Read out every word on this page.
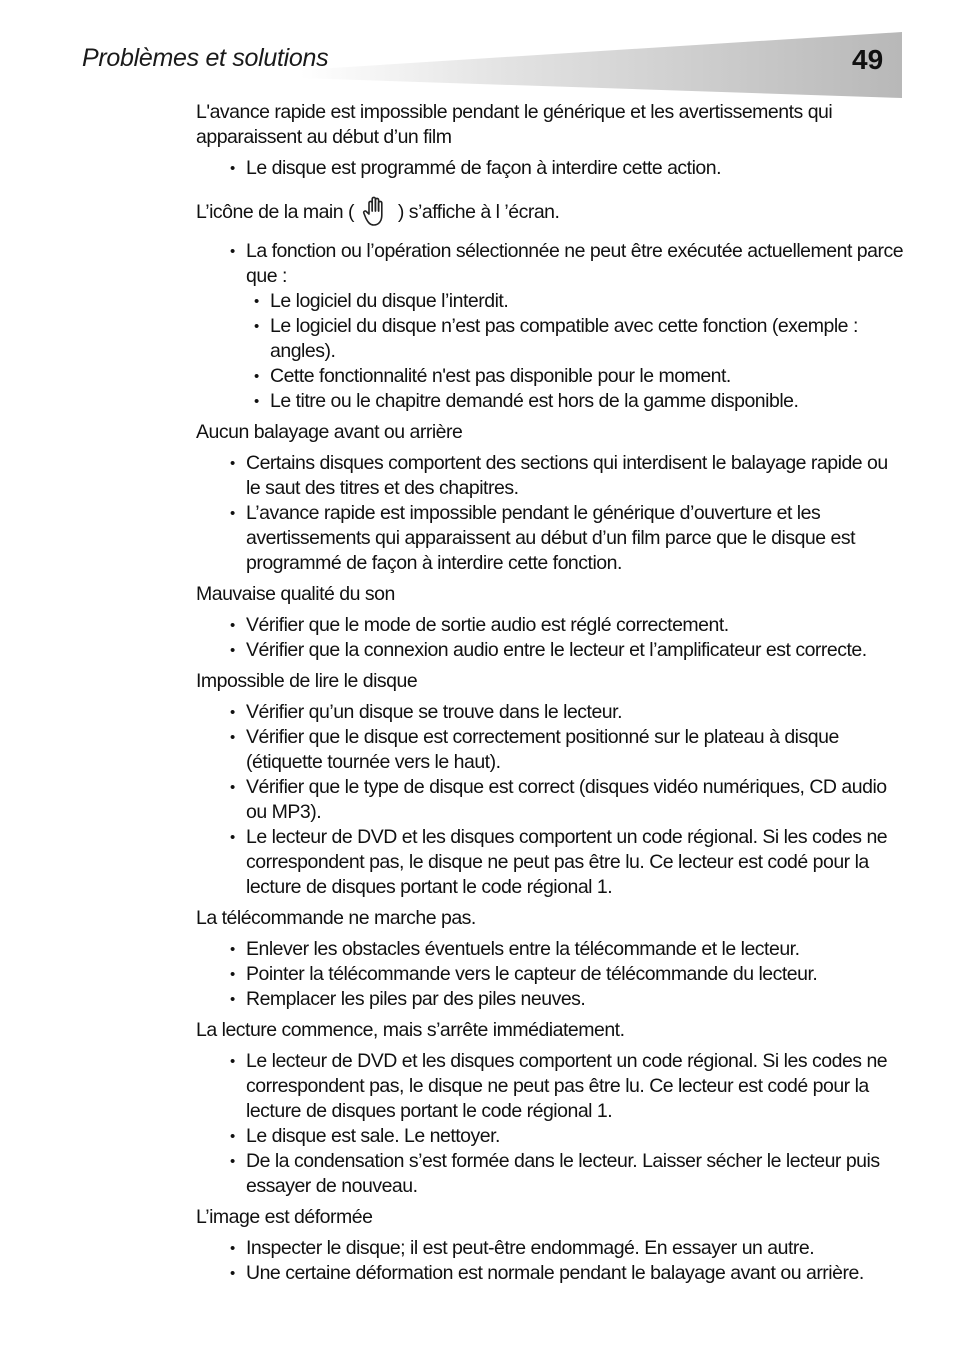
Problèmes et solutions	49

L'avance rapide est impossible pendant le générique et les avertissements qui apparaissent au début d’un film

• Le disque est programmé de façon à interdire cette action.

L’icône de la main ( ) s’affiche à l ’écran.

• La fonction ou l’opération sélectionnée ne peut être exécutée actuellement parce que :
• Le logiciel du disque l’interdit.
• Le logiciel du disque n’est pas compatible avec cette fonction (exemple : angles).
• Cette fonctionnalité n'est pas disponible pour le moment.
• Le titre ou le chapitre demandé est hors de la gamme disponible.

Aucun balayage avant ou arrière

• Certains disques comportent des sections qui interdisent le balayage rapide ou le saut des titres et des chapitres.
• L’avance rapide est impossible pendant le générique d’ouverture et les avertissements qui apparaissent au début d’un film parce que le disque est programmé de façon à interdire cette fonction.

Mauvaise qualité du son

• Vérifier que le mode de sortie audio est réglé correctement.
• Vérifier que la connexion audio entre le lecteur et l’amplificateur est correcte.

Impossible de lire le disque

• Vérifier qu’un disque se trouve dans le lecteur.
• Vérifier que le disque est correctement positionné sur le plateau à disque (étiquette tournée vers le haut).
• Vérifier que le type de disque est correct (disques vidéo numériques, CD audio ou MP3).
• Le lecteur de DVD et les disques comportent un code régional. Si les codes ne correspondent pas, le disque ne peut pas être lu. Ce lecteur est codé pour la lecture de disques portant le code régional 1.

La télécommande ne marche pas.

• Enlever les obstacles éventuels entre la télécommande et le lecteur.
• Pointer la télécommande vers le capteur de télécommande du lecteur.
• Remplacer les piles par des piles neuves.

La lecture commence, mais s’arrête immédiatement.

• Le lecteur de DVD et les disques comportent un code régional. Si les codes ne correspondent pas, le disque ne peut pas être lu. Ce lecteur est codé pour la lecture de disques portant le code régional 1.
• Le disque est sale. Le nettoyer.
• De la condensation s’est formée dans le lecteur. Laisser sécher le lecteur puis essayer de nouveau.

L’image est déformée

• Inspecter le disque; il est peut-être endommagé. En essayer un autre.
• Une certaine déformation est normale pendant le balayage avant ou arrière.
